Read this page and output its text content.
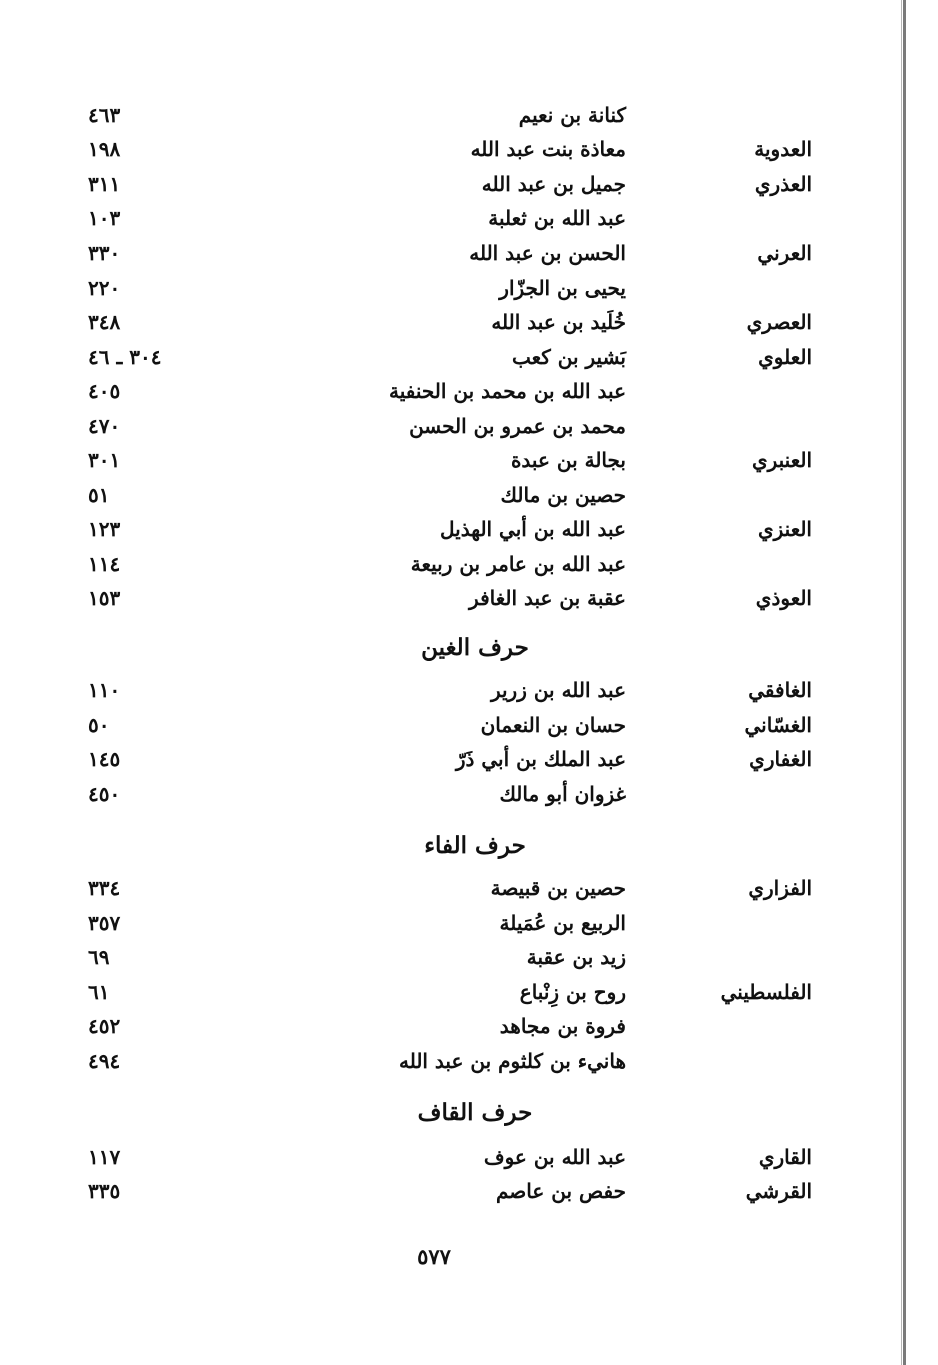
كنانة بن نعيم
٤٦٣
العدوية
معاذة بنت عبد الله
١٩٨
العذري
جميل بن عبد الله
٣١١
عبد الله بن ثعلبة
١٠٣
العرني
الحسن بن عبد الله
٣٣٠
يحيى بن الجزّار
٢٢٠
العصري
خُلَيد بن عبد الله
٣٤٨
العلوي
بَشير بن كعب
٣٠٤ ـ ٤٦
عبد الله بن محمد بن الحنفية
٤٠٥
محمد بن عمرو بن الحسن
٤٧٠
العنبري
بجالة بن عبدة
٣٠١
حصين بن مالك
٥١
العنزي
عبد الله بن أبي الهذيل
١٢٣
عبد الله بن عامر بن ربيعة
١١٤
العوذي
عقبة بن عبد الغافر
١٥٣
حرف الغين
الغافقي
عبد الله بن زرير
١١٠
الغسّاني
حسان بن النعمان
٥٠
الغفاري
عبد الملك بن أبي ذَرّ
١٤٥
غزوان أبو مالك
٤٥٠
حرف الفاء
الفزاري
حصين بن قبيصة
٣٣٤
الربيع بن عُمَيلة
٣٥٧
زيد بن عقبة
٦٩
الفلسطيني
روح بن زِنْباع
٦١
فروة بن مجاهد
٤٥٢
هانيء بن كلثوم بن عبد الله
٤٩٤
حرف القاف
القاري
عبد الله بن عوف
١١٧
القرشي
حفص بن عاصم
٣٣٥
٥٧٧
